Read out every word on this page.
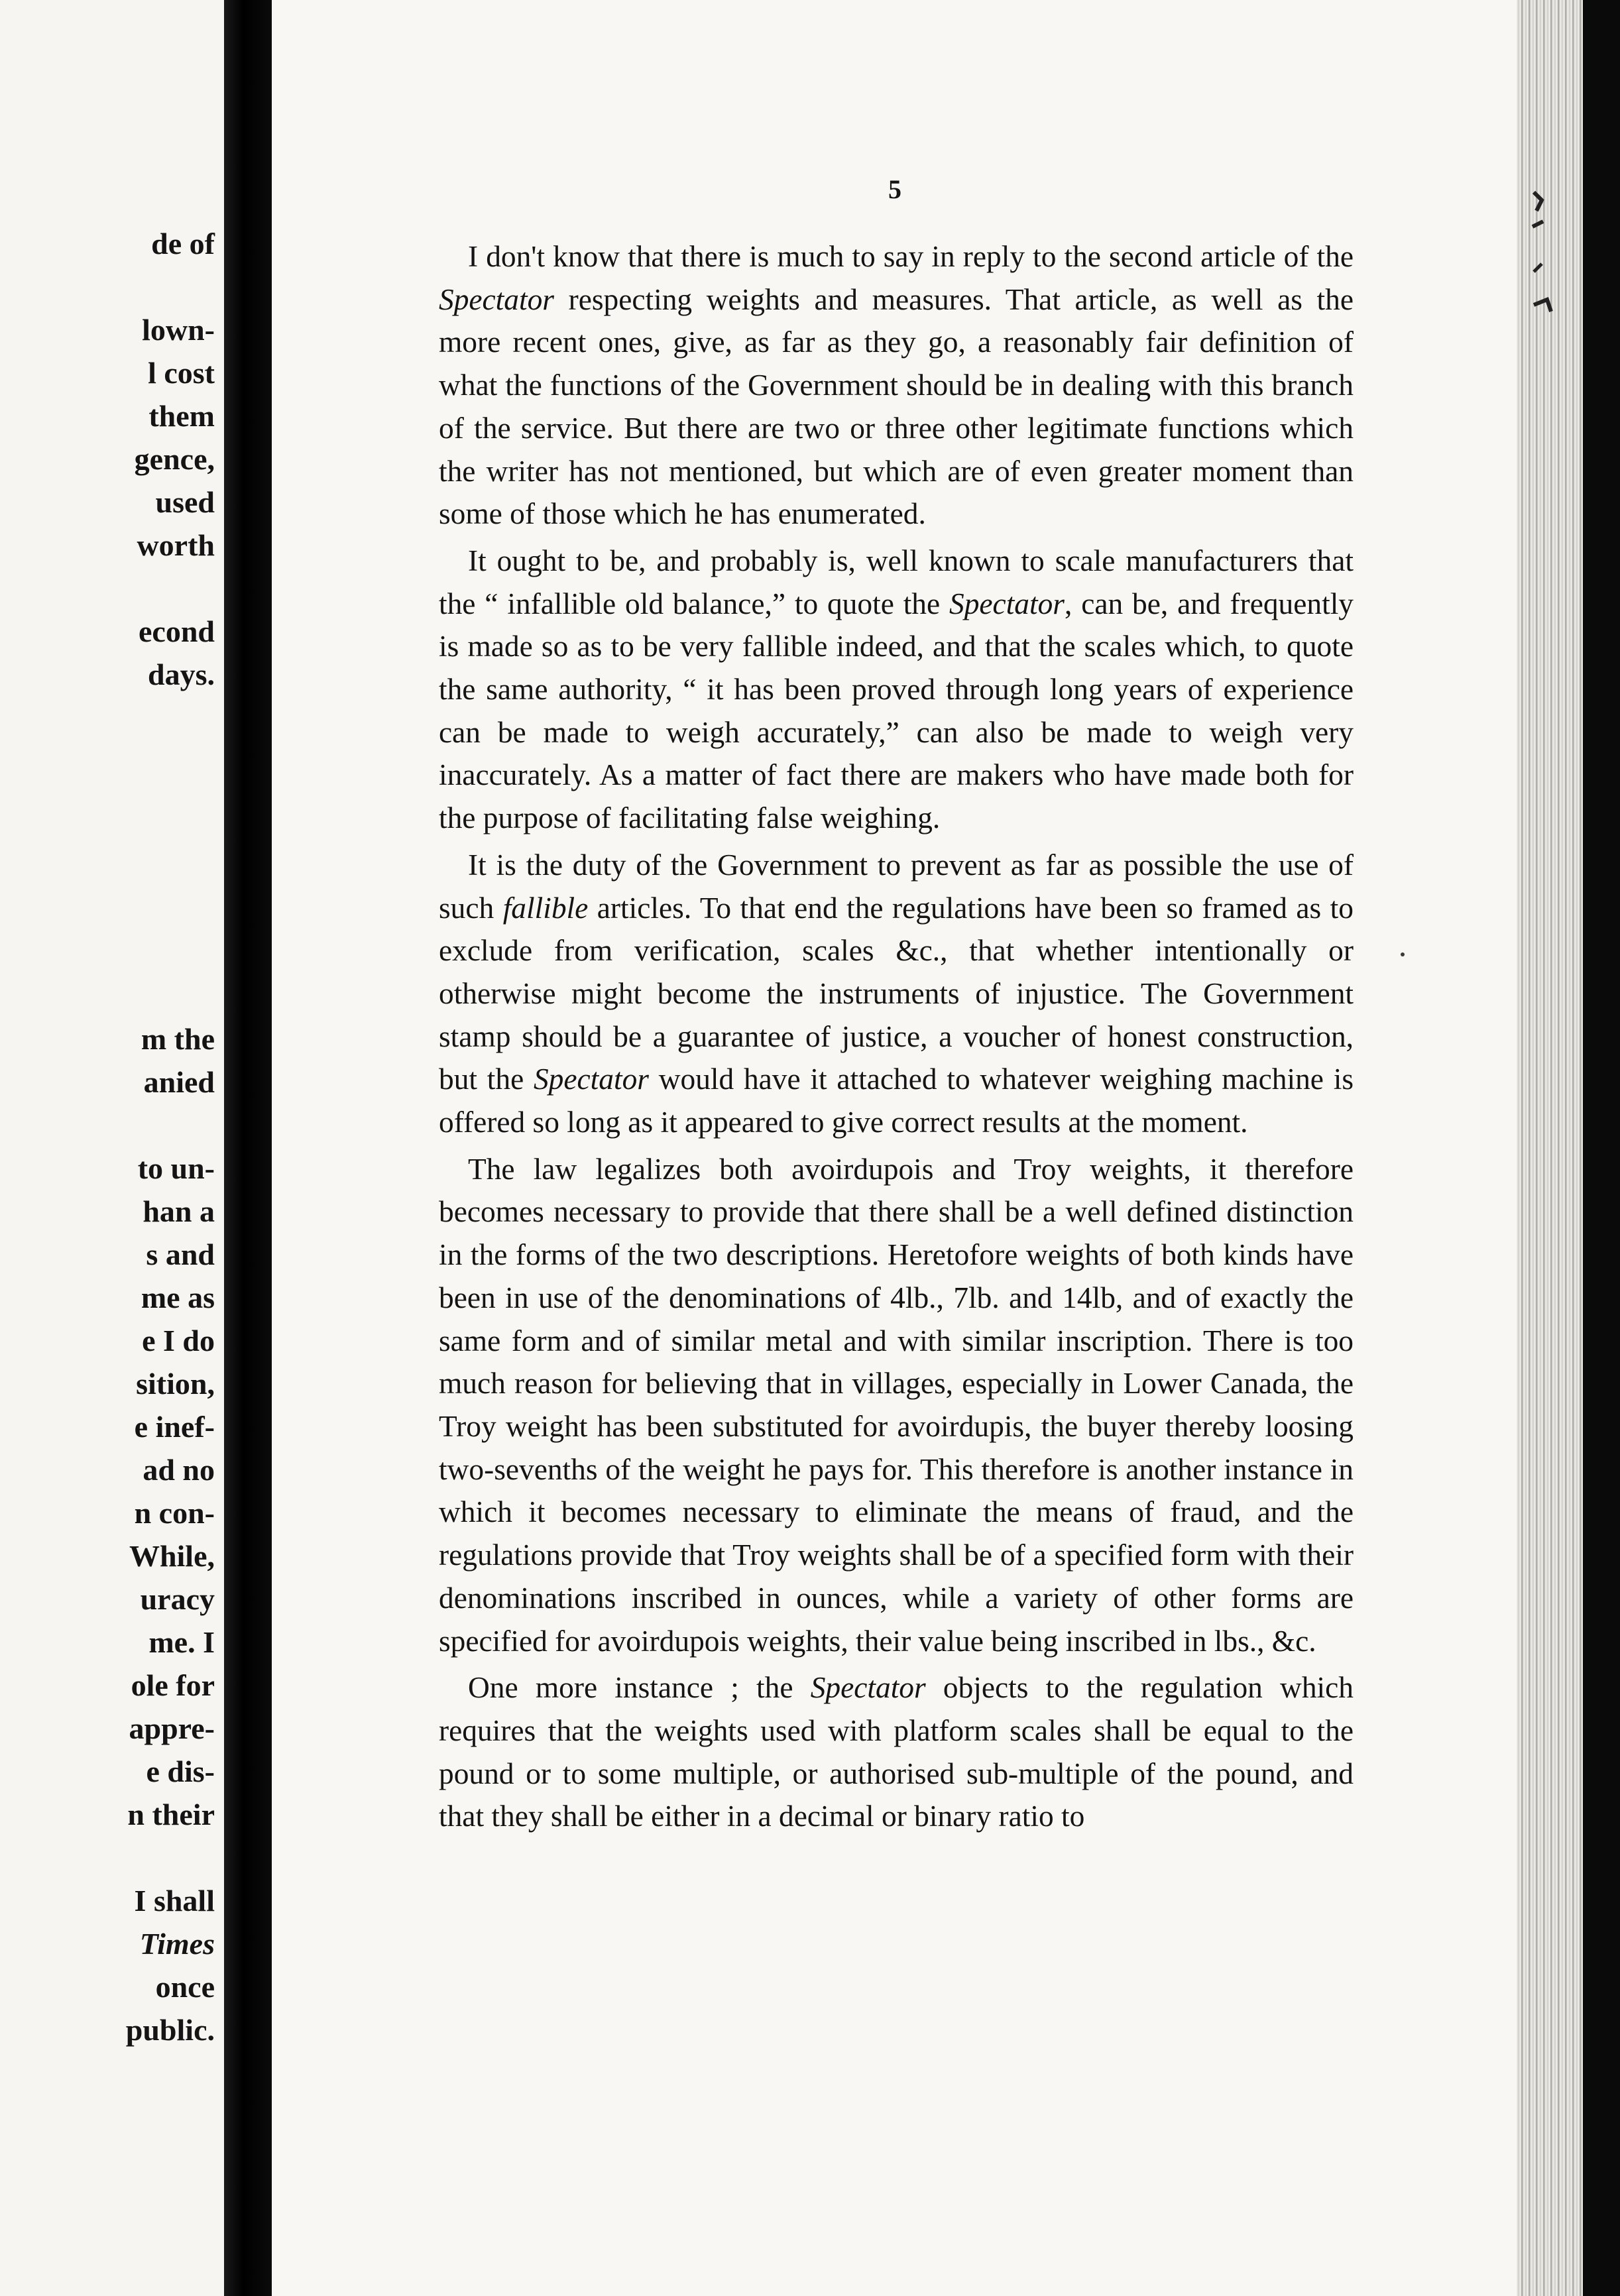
de of
lown-
l cost
them
gence,
used
worth
econd
days.
m the
anied
to un-
han a
s and
me as
e I do
sition,
e inef-
ad no
n con-
While,
uracy
me. I
ole for
appre-
e dis-
n their
I shall
Times
once
public.
5

I don't know that there is much to say in reply to the second article of the Spectator respecting weights and measures. That article, as well as the more recent ones, give, as far as they go, a reasonably fair definition of what the functions of the Government should be in dealing with this branch of the service. But there are two or three other legitimate functions which the writer has not mentioned, but which are of even greater moment than some of those which he has enumerated.

It ought to be, and probably is, well known to scale manufacturers that the “ infallible old balance,” to quote the Spectator, can be, and frequently is made so as to be very fallible indeed, and that the scales which, to quote the same authority, “ it has been proved through long years of experience can be made to weigh accurately,” can also be made to weigh very inaccurately. As a matter of fact there are makers who have made both for the purpose of facilitating false weighing.

It is the duty of the Government to prevent as far as possible the use of such fallible articles. To that end the regulations have been so framed as to exclude from verification, scales &c., that whether intentionally or otherwise might become the instruments of injustice. The Government stamp should be a guarantee of justice, a voucher of honest construction, but the Spectator would have it attached to whatever weighing machine is offered so long as it appeared to give correct results at the moment.

The law legalizes both avoirdupois and Troy weights, it therefore becomes necessary to provide that there shall be a well defined distinction in the forms of the two descriptions. Heretofore weights of both kinds have been in use of the denominations of 4lb., 7lb. and 14lb, and of exactly the same form and of similar metal and with similar inscription. There is too much reason for believing that in villages, especially in Lower Canada, the Troy weight has been substituted for avoirdupis, the buyer thereby loosing two-sevenths of the weight he pays for. This therefore is another instance in which it becomes necessary to eliminate the means of fraud, and the regulations provide that Troy weights shall be of a specified form with their denominations inscribed in ounces, while a variety of other forms are specified for avoirdupois weights, their value being inscribed in lbs., &c.

One more instance ; the Spectator objects to the regulation which requires that the weights used with platform scales shall be equal to the pound or to some multiple, or authorised sub-multiple of the pound, and that they shall be either in a decimal or binary ratio to
